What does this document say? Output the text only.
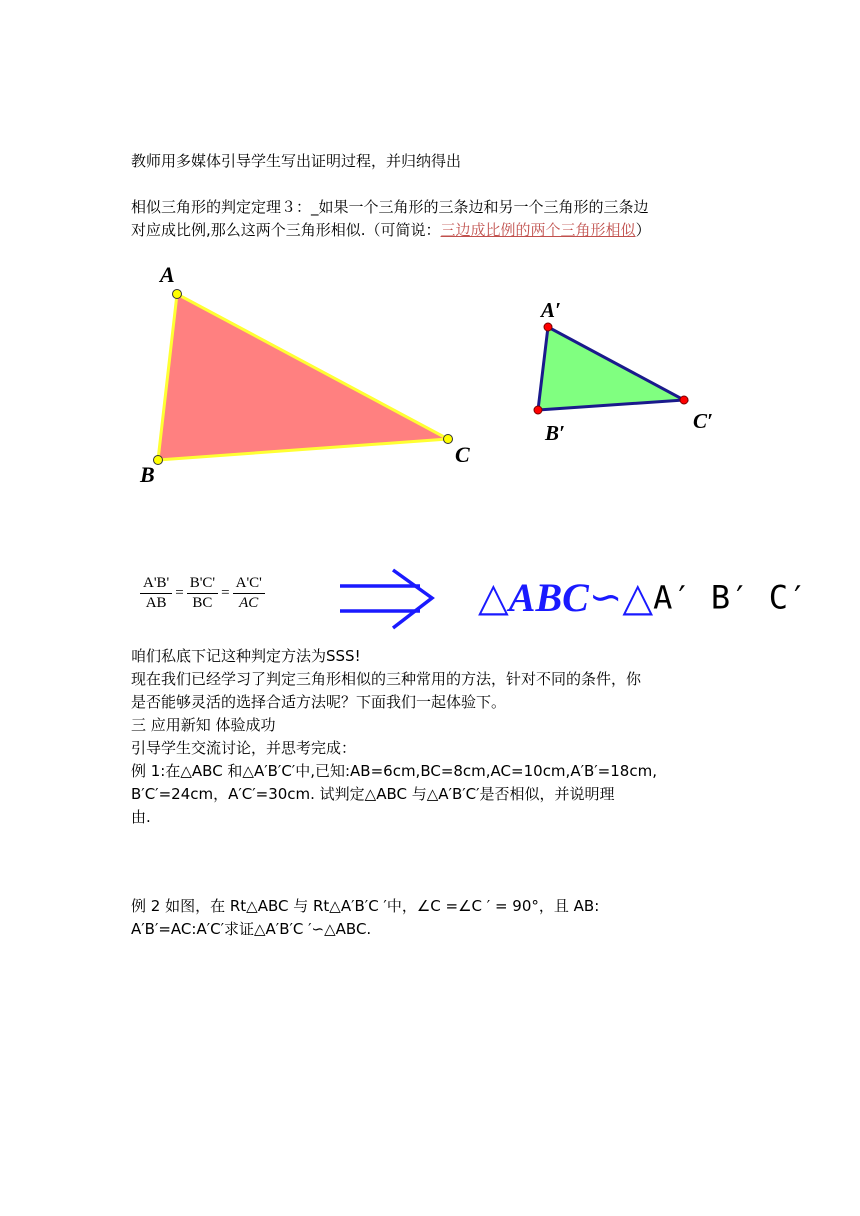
教师用多媒体引导学生写出证明过程，并归纳得出
相似三角形的判定定理３：_如果一个三角形的三条边和另一个三角形的三条边
对应成比例,那么这两个三角形相似.（可简说：三边成比例的两个三角形相似）
A
B
C
A′
B′	C′
$\frac{A'B'}{AB} = \frac{B'C'}{BC} = \frac{A'C'}{AC}$	△ABC∽△A′ B′ C′
咱们私底下记这种判定方法为SSS!
现在我们已经学习了判定三角形相似的三种常用的方法，针对不同的条件，你
是否能够灵活的选择合适方法呢？下面我们一起体验下。
三 应用新知 体验成功
引导学生交流讨论，并思考完成：
例 1:在△ABC 和△A′B′C′中,已知:AB=6cm,BC=8cm,AC=10cm,A′B′=18cm,
B′C′=24cm，A′C′=30cm. 试判定△ABC 与△A′B′C′是否相似，并说明理
由.
例 2 如图，在 Rt△ABC 与 Rt△A′B′C ′中，∠C =∠C ′ = 90°，且 AB:
A′B′=AC:A′C′求证△A′B′C ′∽△ABC.
